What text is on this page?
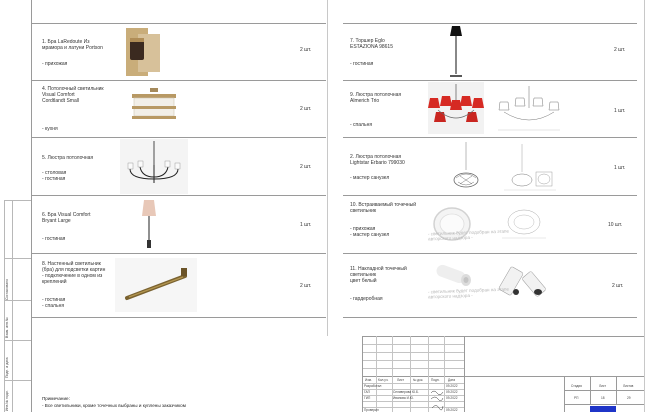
1. Бра LaRedoute Из
мрамора и латуни Portson
- прихожая
2 шт.
4. Потолочный светильник
Visual Comfort
Cordtlandt Small
- кухня
2 шт.
5. Люстра потолочная
- столовая
- гостиная
2 шт.
6. Бра Visual Comfort
Bryant Large
- гостиная
1 шт.
8. Настенный светильник
(бра) для подсветки картин
- подключение в одном из
креплений
- гостиная
- спальня
2 шт.
7. Торшер Eglo
ESTAZIONA 98615
- гостиная
2 шт.
9. Люстра потолочная
Almerich Trio
- спальня
1 шт.
2. Люстра потолочная
Lightstar Erbario 799030
- мастер санузел
1 шт.
10. Встраиваемый точечный
светильник
- прихожая
- мастер санузел
10 шт.
- светильник будет подобран на этапе
авторского надзора -
11. Накладной точечный
светильник
цвет белый
- гардеробная
2 шт.
- светильник будет подобран на этапе
авторского надзора -
Согласовано
Взам. инв.№
Подп. и дата
Инв.№ подл.	Примечание:
- Все светильники, кроме точечных выбраны и куплены заказчиком
Изм. Кол.уч.	Лист	№ док. Подп.	Дата
Разработал	09.2022
ГАП	Селиверова Ю.Б.	09.2022
ГИП	Иванова И.Ю.	09.2022
Проверил	09.2022
Стадия	Лист	Листов
РП	18	29
